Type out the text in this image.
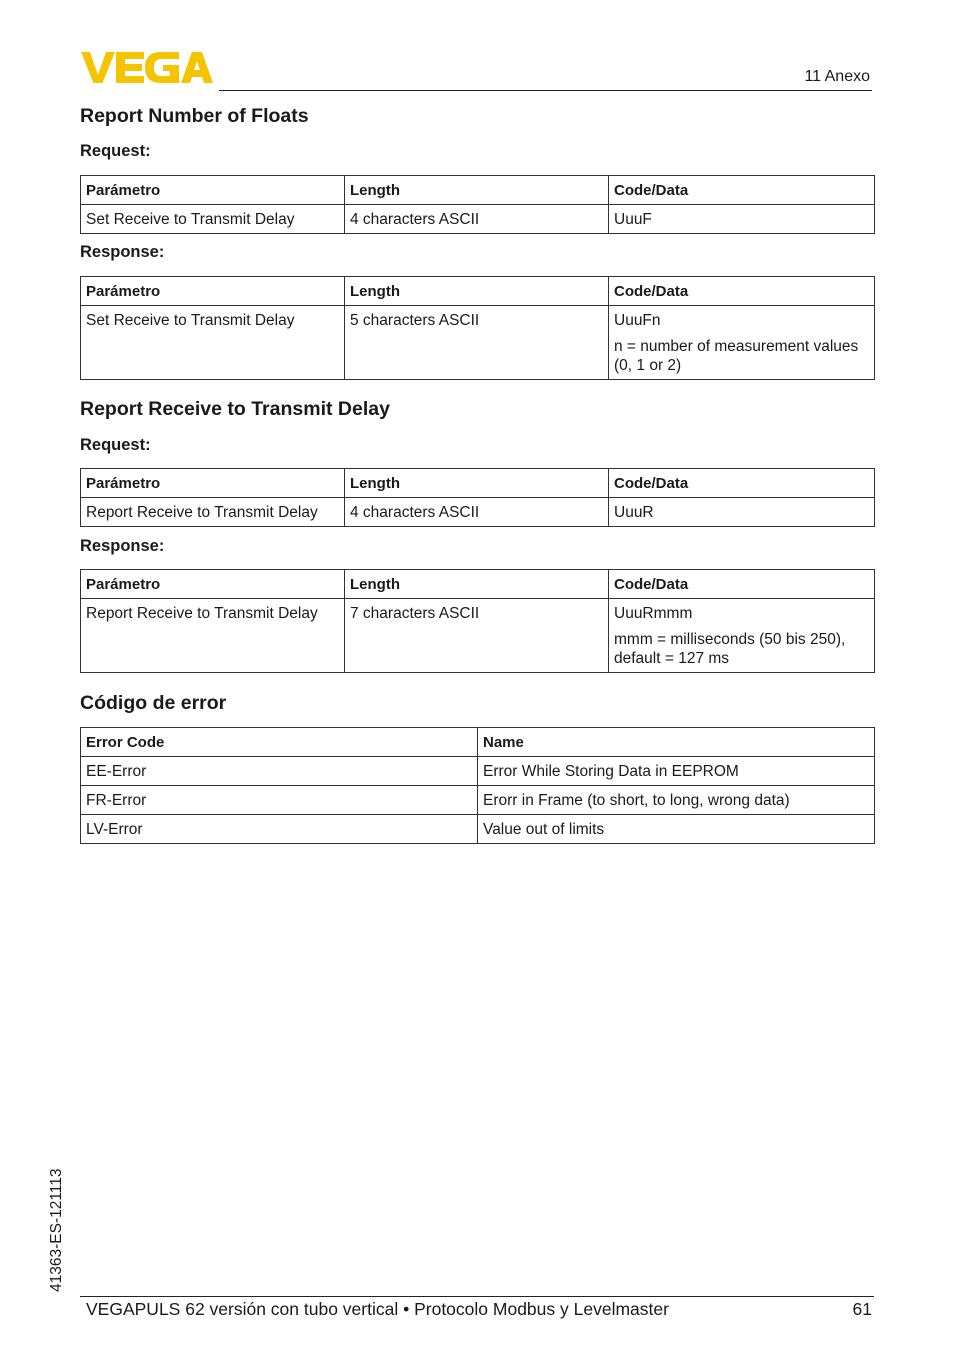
11 Anexo
Report Number of Floats
Request:
Parámetro	Length	Code/Data
Set Receive to Transmit Delay	4 characters ASCII	UuuF
Response:
Parámetro	Length	Code/Data
Set Receive to Transmit Delay	5 characters ASCII	UuuFn

n = number of measurement values (0, 1 or 2)

Report Receive to Transmit Delay
Request:
Parámetro	Length	Code/Data
Report Receive to Transmit Delay	4 characters ASCII	UuuR
Response:
Parámetro	Length	Code/Data
Report Receive to Transmit Delay	7 characters ASCII	UuuRmmm

mmm = milliseconds (50 bis 250), default = 127 ms

Código de error
Error Code	Name
EE-Error	Error While Storing Data in EEPROM
FR-Error	Erorr in Frame (to short, to long, wrong data)
LV-Error	Value out of limits
41363-ES-121113
VEGAPULS 62 versión con tubo vertical • Protocolo Modbus y Levelmaster	61
